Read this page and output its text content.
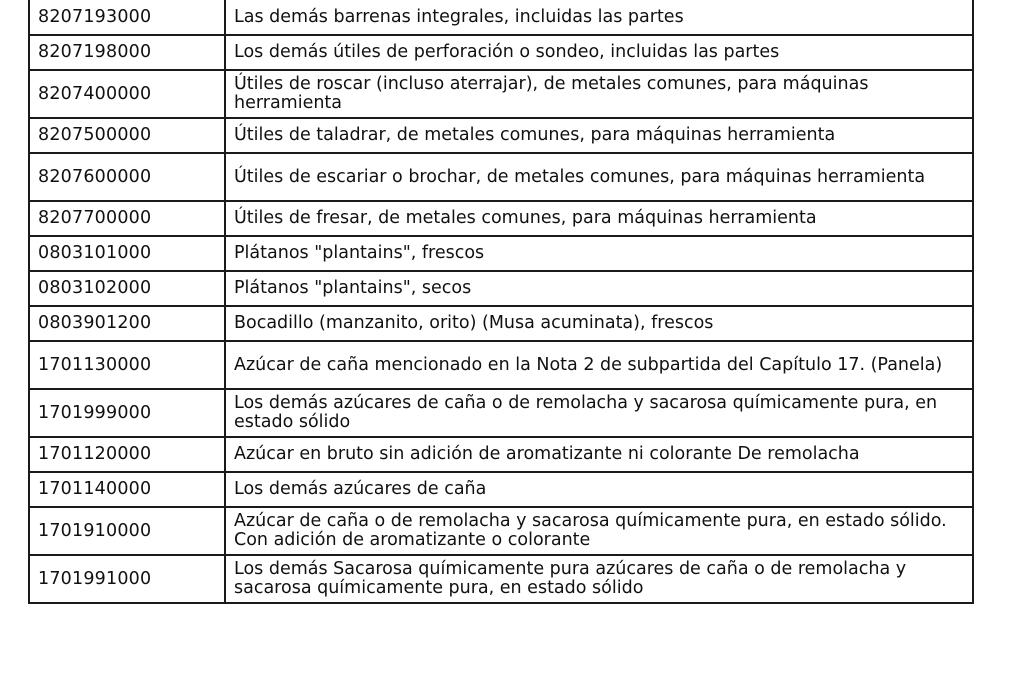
8207193000	Las demás barrenas integrales, incluidas las partes
8207198000	Los demás útiles de perforación o sondeo, incluidas las partes
8207400000	Útiles de roscar (incluso aterrajar), de metales comunes, para máquinas herramienta
8207500000	Útiles de taladrar, de metales comunes, para máquinas herramienta
8207600000	Útiles de escariar o brochar, de metales comunes, para máquinas herramienta
8207700000	Útiles de fresar, de metales comunes, para máquinas herramienta
0803101000	Plátanos "plantains", frescos
0803102000	Plátanos "plantains", secos
0803901200	Bocadillo (manzanito, orito) (Musa acuminata), frescos
1701130000	Azúcar de caña mencionado en la Nota 2 de subpartida del Capítulo 17. (Panela)
1701999000	Los demás azúcares de caña o de remolacha y sacarosa químicamente pura, en estado sólido
1701120000	Azúcar en bruto sin adición de aromatizante ni colorante De remolacha
1701140000	Los demás azúcares de caña
1701910000	Azúcar de caña o de remolacha y sacarosa químicamente pura, en estado sólido. Con adición de aromatizante o colorante
1701991000	Los demás Sacarosa químicamente pura azúcares de caña o de remolacha y sacarosa químicamente pura, en estado sólido
